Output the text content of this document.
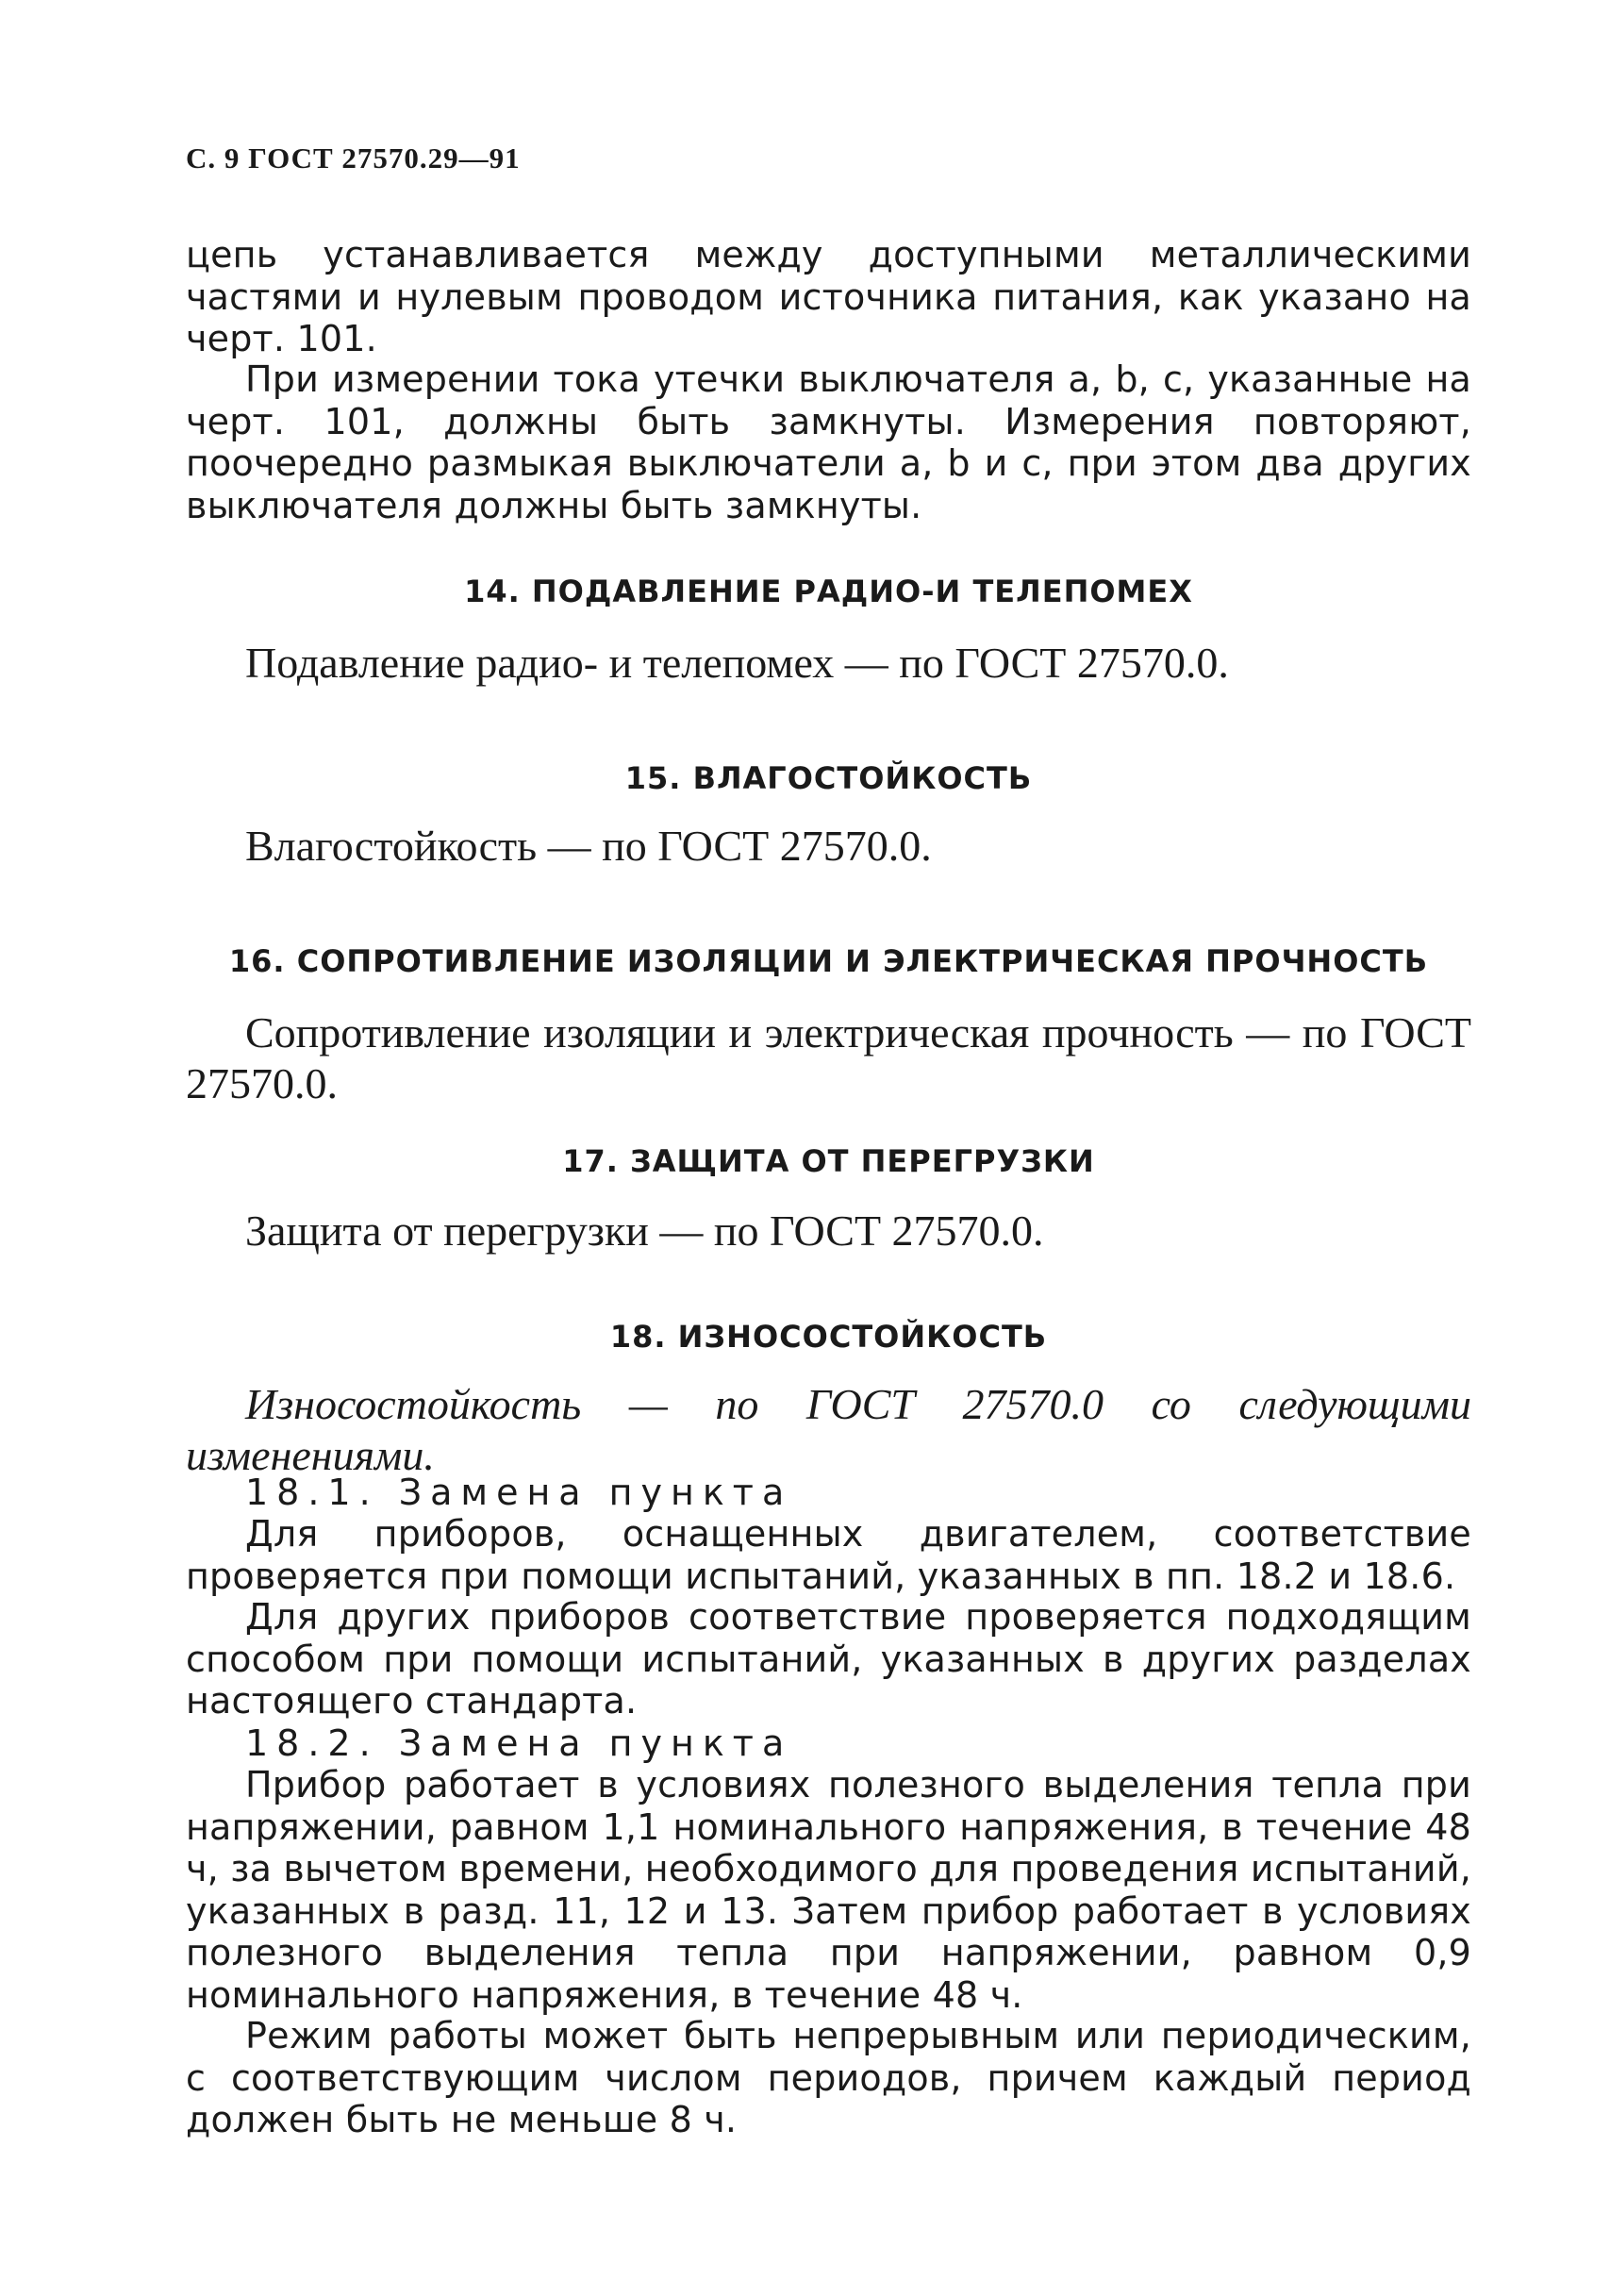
С. 9 ГОСТ 27570.29—91

цепь устанавливается между доступными металлическими частями и нулевым проводом источника питания, как указано на черт. 101.

При измерении тока утечки выключателя a, b, c, указанные на черт. 101, должны быть замкнуты. Измерения повторяют, поочередно размыкая выключатели a, b и c, при этом два других выключателя должны быть замкнуты.

14. ПОДАВЛЕНИЕ РАДИО-И ТЕЛЕПОМЕХ

Подавление радио- и телепомех — по ГОСТ 27570.0.

15. ВЛАГОСТОЙКОСТЬ

Влагостойкость — по ГОСТ 27570.0.

16. СОПРОТИВЛЕНИЕ ИЗОЛЯЦИИ И ЭЛЕКТРИЧЕСКАЯ ПРОЧНОСТЬ

Сопротивление изоляции и электрическая прочность — по ГОСТ 27570.0.

17. ЗАЩИТА ОТ ПЕРЕГРУЗКИ

Защита от перегрузки — по ГОСТ 27570.0.

18. ИЗНОСОСТОЙКОСТЬ

Износостойкость — по ГОСТ 27570.0 со следующими изменениями.

18.1. Замена пункта

Для приборов, оснащенных двигателем, соответствие проверяется при помощи испытаний, указанных в пп. 18.2 и 18.6.

Для других приборов соответствие проверяется подходящим способом при помощи испытаний, указанных в других разделах настоящего стандарта.

18.2. Замена пункта

Прибор работает в условиях полезного выделения тепла при напряжении, равном 1,1 номинального напряжения, в течение 48 ч, за вычетом времени, необходимого для проведения испытаний, указанных в разд. 11, 12 и 13. Затем прибор работает в условиях полезного выделения тепла при напряжении, равном 0,9 номинального напряжения, в течение 48 ч.

Режим работы может быть непрерывным или периодическим, с соответствующим числом периодов, причем каждый период должен быть не меньше 8 ч.
